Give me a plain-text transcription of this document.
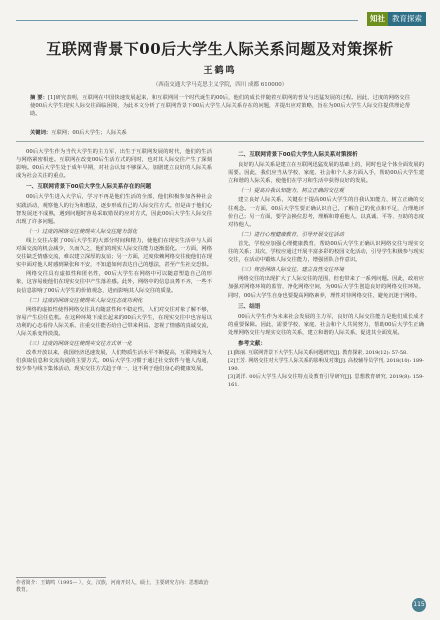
知社 教育探索
互联网背景下00后大学生人际关系问题及对策探析
王鹤鸣
（西南交通大学马克思主义学院，四川 成都 610000）
摘 要：[1]研究表明，互联网在中国快速发展起来，和互联网同一个时代诞生的00后，他们的成长伴随着互联网的普及与迅猛发展的过程。因此，过度的网络交往使00后大学生现实人际交往面临困境，为此本文分析了互联网背景下00后大学生人际关系存在的问题，并提出应对策略，旨在为00后大学生人际交往提供理论帮助。
关键词：互联网；00后大学生；人际关系

00后大学生作为当代大学生的主力军，出生于互联网发展的时代，他们的生活与网络紧密相连。互联网在改变00后生活方式的同时，也对其人际交往产生了深刻影响。00后大学生处于成年早期，对社会认知不够深入，加剧建立良好的人际关系成为社会关注的重点。

一、互联网背景下00后大学生人际关系存在的问题

00后大学生进入大学后，学习不再是他们生活的全部，他们积极参加各种社会实践活动，观察他人的行为和想法，逐步形成自己的人际交往方式。但是由于他们心智发展还不成熟，遇到问题时容易采取错误的应对方式，因此00后大学生人际交往出现了许多问题。

（一）过度的网络交往使现实人际交往能力弱化

线上交往占据了00后大学生的大部分时间和精力，使他们在现实生活中与人面对面交流的机会减少，久而久之，他们的现实人际交往能力逐渐弱化。一方面，网络交往缺乏情感交流，难以建立深厚的友谊；另一方面，过度依赖网络交往使他们在现实中面对他人时感到紧张和不安，不知道如何表达自己的想法，甚至产生社交恐惧。

网络交往具有虚拟性和匿名性，00后大学生在网络中可以随意塑造自己的形象，这容易使他们在现实交往中产生落差感。此外，网络中的信息良莠不齐，一些不良信息影响了00后大学生的价值观念，进而影响其人际交往的质量。

（二）过度的网络交往使现实人际交往态度功利化

网络的虚拟性使得网络交往具有随意性和不稳定性，人们对交往对象了解不够，容易产生信任危机。在这种环境下成长起来的00后大学生，在现实交往中也容易以功利的心态看待人际关系，注重交往能否给自己带来利益，忽视了情感的真诚交流，人际关系变得淡漠。

（三）过度的网络交往使现实交往方式单一化

改革开放以来，我国经济迅速发展，人们物质生活水平不断提高，互联网成为人们获取信息和交流沟通的主要方式。00后大学生习惯于通过社交软件与他人沟通，较少参与线下集体活动，现实交往方式趋于单一，这不利于他们身心的健康发展。

二、互联网背景下00后大学生人际关系对策探析

良好的人际关系是建立在互联网迅猛发展的基础上的，同时也是个体全面发展的需要。因此，我们应当从学校、家庭、社会和个人多方面入手，帮助00后大学生建立和谐的人际关系，使他们在学习和生活中获得良好的发展。

（一）提高自我认知能力，树立正确的交往观

建立良好人际关系，关键在于提高00后大学生的自我认知能力，树立正确的交往观念。一方面，00后大学生要正确认识自己，了解自己的优点和不足，合理地评价自己；另一方面，要学会换位思考，理解和尊重他人，以真诚、平等、互助的态度对待他人。

（二）进行心理健康教育，引导开展交往活动

首先，学校应加强心理健康教育，帮助00后大学生正确认识网络交往与现实交往的关系；其次，学校应通过开展丰富多彩的校园文化活动，引导学生积极参与现实交往，在活动中锻炼人际交往能力，增强团队合作意识。

（三）规范网络人际交往，建立良性交往环境

网络交往的出现扩大了人际交往的范围，但也带来了一系列问题。因此，政府应加强对网络环境的监管，净化网络空间，为00后大学生创造良好的网络交往环境。同时，00后大学生自身也要提高网络素养，理性对待网络交往，避免沉迷于网络。

三、结语

00后大学生作为未来社会发展的主力军，良好的人际交往能力是他们成长成才的重要保障。因此，需要学校、家庭、社会和个人共同努力，帮助00后大学生正确处理网络交往与现实交往的关系，建立和谐的人际关系，促进其全面发展。

参考文献：

[1]陈丽. 互联网背景下大学生人际关系问题研究[J]. 教育探索, 2019(12): 57-58.

[2]王芳. 网络交往对大学生人际关系的影响及对策[J]. 高校辅导员学刊, 2018(10): 189-190.

[3]刘洋. 00后大学生人际交往特点及教育引导研究[J]. 思想教育研究, 2019(8): 159-161.

作者简介：王鹤鸣（1995— ），女，汉族，河南开封人，硕士，主要研究方向：思想政治教育。
115
